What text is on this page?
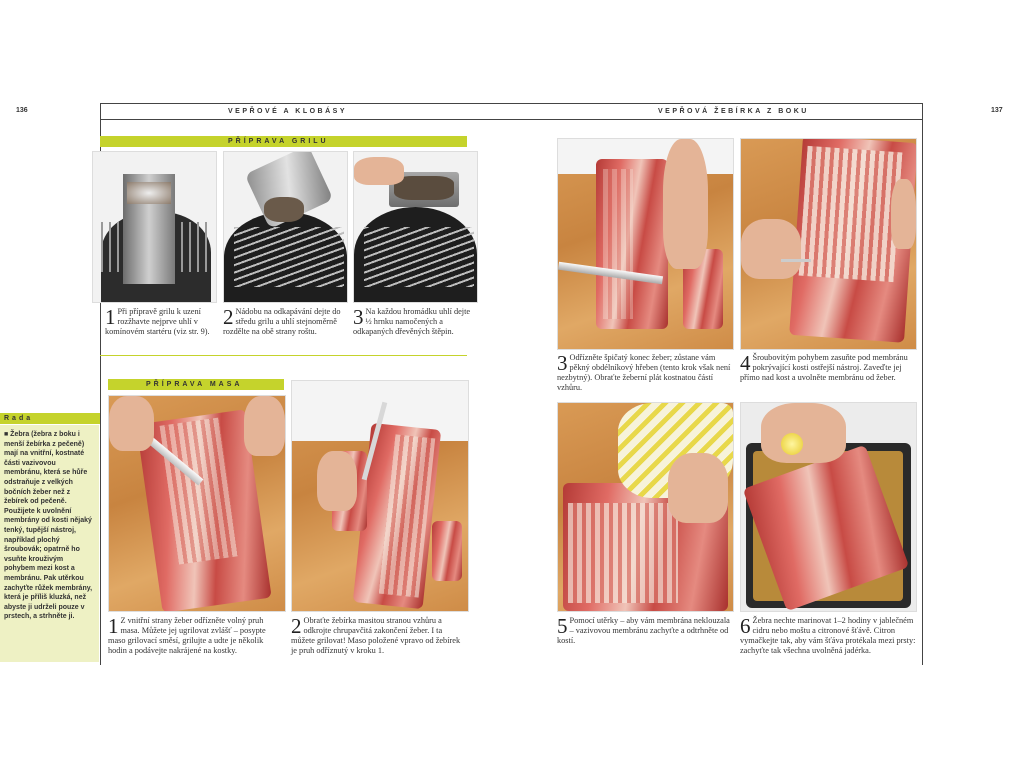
136	137
VEPŘOVÉ A KLOBÁSY	VEPŘOVÁ ŽEBÍRKA Z BOKU
PŘÍPRAVA GRILU
1 Při přípravě grilu k uzení rozžhavte nejprve uhlí v komínovém startéru (viz str. 9).
2 Nádobu na odkapávání dejte do středu grilu a uhlí stejnoměrně rozdělte na obě strany roštu.
3 Na každou hromádku uhlí dejte ½ hrnku namočených a odkapaných dřevěných štěpin.
PŘÍPRAVA MASA
1 Z vnitřní strany žeber odřízněte volný pruh masa. Můžete jej ugrilovat zvlášť – posypte maso grilovací směsí, grilujte a udte je několik hodin a podávejte nakrájené na kostky.
2 Obraťte žebírka masitou stranou vzhůru a odkrojte chrupavčitá zakončení žeber. I ta můžete grilovat! Maso položené vpravo od žebírek je pruh odříznutý v kroku 1.
Rada
■ Žebra (žebra z boku i menší žebírka z pečeně) mají na vnitřní, kostnaté části vazivovou membránu, která se hůře odstraňuje z velkých bočních žeber než z žebírek od pečeně. Použijete k uvolnění membrány od kosti nějaký tenký, tupější nástroj, například plochý šroubovák; opatrně ho vsuňte krouživým pohybem mezi kost a membránu. Pak utěrkou zachyťte růžek membrány, která je příliš kluzká, než abyste ji udrželi pouze v prstech, a strhněte ji.
3 Odřízněte špičatý konec žeber; zůstane vám pěkný obdélníkový hřeben (tento krok však není nezbytný). Obraťte žeberní plát kostnatou částí vzhůru.
4 Šroubovitým pohybem zasuňte pod membránu pokrývající kosti ostřejší nástroj. Zaveďte jej přímo nad kost a uvolněte membránu od žeber.
5 Pomocí utěrky – aby vám membrána neklouzala – vazivovou membránu zachyťte a odtrhněte od kostí.
6 Žebra nechte marinovat 1–2 hodiny v jablečném cidru nebo moštu a citronové šťávě. Citron vymačkejte tak, aby vám šťáva protékala mezi prsty: zachyťte tak všechna uvolněná jadérka.
